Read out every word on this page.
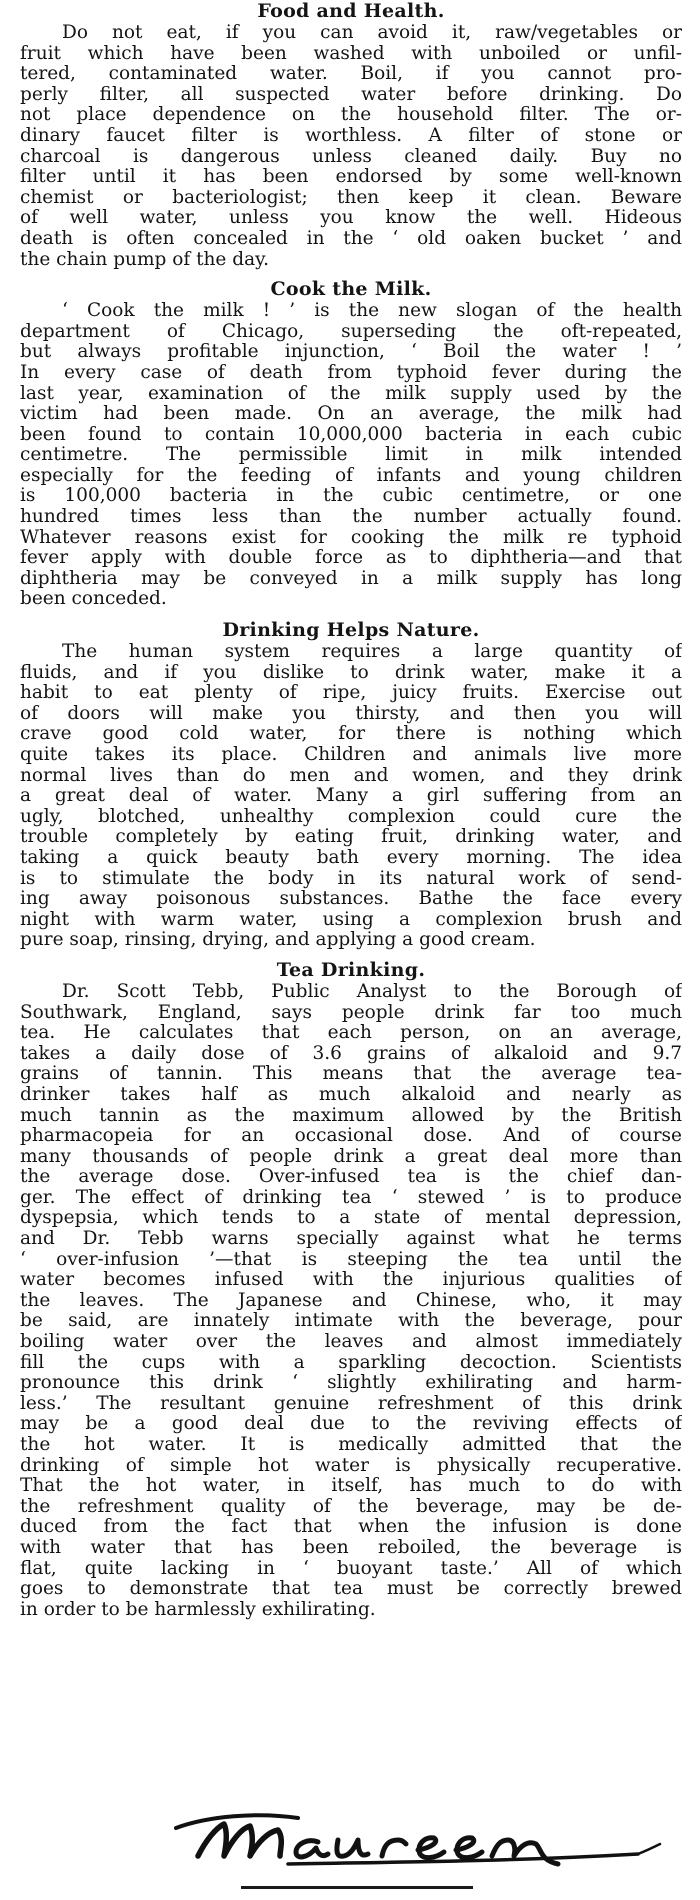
Food and Health.
Do not eat, if you can avoid it, raw/vegetables or
fruit which have been washed with unboiled or unfil-
tered, contaminated water. Boil, if you cannot pro-
perly filter, all suspected water before drinking. Do
not place dependence on the household filter. The or-
dinary faucet filter is worthless. A filter of stone or
charcoal is dangerous unless cleaned daily. Buy no
filter until it has been endorsed by some well-known
chemist or bacteriologist; then keep it clean. Beware
of well water, unless you know the well. Hideous
death is often concealed in the ‘ old oaken bucket ’ and
the chain pump of the day.
Cook the Milk.
‘ Cook the milk ! ’ is the new slogan of the health
department of Chicago, superseding the oft-repeated,
but always profitable injunction, ‘ Boil the water ! ’
In every case of death from typhoid fever during the
last year, examination of the milk supply used by the
victim had been made. On an average, the milk had
been found to contain 10,000,000 bacteria in each cubic
centimetre. The permissible limit in milk intended
especially for the feeding of infants and young children
is 100,000 bacteria in the cubic centimetre, or one
hundred times less than the number actually found.
Whatever reasons exist for cooking the milk re typhoid
fever apply with double force as to diphtheria—and that
diphtheria may be conveyed in a milk supply has long
been conceded.
Drinking Helps Nature.
The human system requires a large quantity of
fluids, and if you dislike to drink water, make it a
habit to eat plenty of ripe, juicy fruits. Exercise out
of doors will make you thirsty, and then you will
crave good cold water, for there is nothing which
quite takes its place. Children and animals live more
normal lives than do men and women, and they drink
a great deal of water. Many a girl suffering from an
ugly, blotched, unhealthy complexion could cure the
trouble completely by eating fruit, drinking water, and
taking a quick beauty bath every morning. The idea
is to stimulate the body in its natural work of send-
ing away poisonous substances. Bathe the face every
night with warm water, using a complexion brush and
pure soap, rinsing, drying, and applying a good cream.
Tea Drinking.
Dr. Scott Tebb, Public Analyst to the Borough of
Southwark, England, says people drink far too much
tea. He calculates that each person, on an average,
takes a daily dose of 3.6 grains of alkaloid and 9.7
grains of tannin. This means that the average tea-
drinker takes half as much alkaloid and nearly as
much tannin as the maximum allowed by the British
pharmacopeia for an occasional dose. And of course
many thousands of people drink a great deal more than
the average dose. Over-infused tea is the chief dan-
ger. The effect of drinking tea ‘ stewed ’ is to produce
dyspepsia, which tends to a state of mental depression,
and Dr. Tebb warns specially against what he terms
‘ over-infusion ’—that is steeping the tea until the
water becomes infused with the injurious qualities of
the leaves. The Japanese and Chinese, who, it may
be said, are innately intimate with the beverage, pour
boiling water over the leaves and almost immediately
fill the cups with a sparkling decoction. Scientists
pronounce this drink ‘ slightly exhilirating and harm-
less.’ The resultant genuine refreshment of this drink
may be a good deal due to the reviving effects of
the hot water. It is medically admitted that the
drinking of simple hot water is physically recuperative.
That the hot water, in itself, has much to do with
the refreshment quality of the beverage, may be de-
duced from the fact that when the infusion is done
with water that has been reboiled, the beverage is
flat, quite lacking in ‘ buoyant taste.’ All of which
goes to demonstrate that tea must be correctly brewed
in order to be harmlessly exhilirating.
